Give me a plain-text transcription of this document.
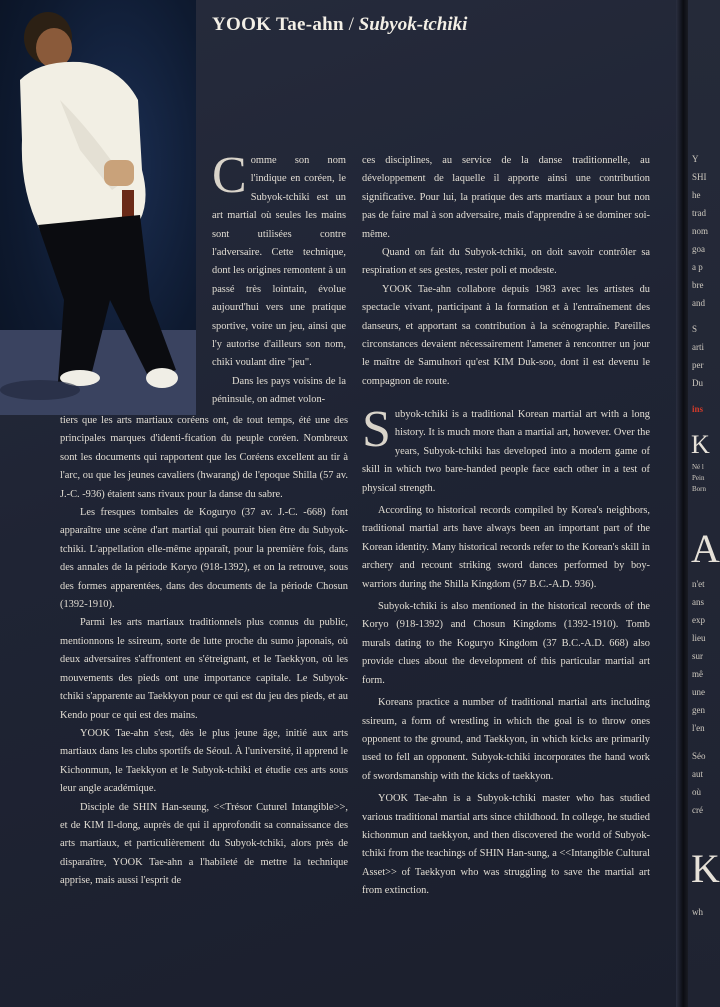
YOOK Tae-ahn / Subyok-tchiki
C omme son nom l'indique en coréen, le Subyok-tchiki est un art martial où seules les mains sont utilisées contre l'adversaire. Cette technique, dont les origines remontent à un passé très lointain, évolue aujourd'hui vers une pratique sportive, voire un jeu, ainsi que l'y autorise d'ailleurs son nom, chiki voulant dire "jeu".

Dans les pays voisins de la péninsule, on admet volon-

tiers que les arts martiaux coréens ont, de tout temps, été une des principales marques d'identi-fication du peuple coréen. Nombreux sont les documents qui rapportent que les Coréens excellent au tir à l'arc, ou que les jeunes cavaliers (hwarang) de l'epoque Shilla (57 av. J.-C. -936) étaient sans rivaux pour la danse du sabre.

Les fresques tombales de Koguryo (37 av. J.-C. -668) font apparaître une scène d'art martial qui pourrait bien être du Subyok-tchiki. L'appellation elle-même apparaît, pour la première fois, dans des annales de la période Koryo (918-1392), et on la retrouve, sous des formes apparentées, dans des documents de la période Chosun (1392-1910).

Parmi les arts martiaux traditionnels plus connus du public, mentionnons le ssireum, sorte de lutte proche du sumo japonais, où deux adversaires s'affrontent en s'étreignant, et le Taekkyon, où les mouvements des pieds ont une importance capitale. Le Subyok-tchiki s'apparente au Taekkyon pour ce qui est du jeu des pieds, et au Kendo pour ce qui est des mains.

YOOK Tae-ahn s'est, dès le plus jeune âge, initié aux arts martiaux dans les clubs sportifs de Séoul. À l'université, il apprend le Kichonmun, le Taekkyon et le Subyok-tchiki et étudie ces arts sous leur angle académique.

Disciple de SHIN Han-seung, <<Trésor Cuturel Intangible>>, et de KIM Il-dong, auprès de qui il approfondit sa connaissance des arts martiaux, et particulièrement du Subyok-tchiki, alors près de disparaître, YOOK Tae-ahn a l'habileté de mettre la technique apprise, mais aussi l'esprit de

ces disciplines, au service de la danse traditionnelle, au développement de laquelle il apporte ainsi une contribution significative. Pour lui, la pratique des arts martiaux a pour but non pas de faire mal à son adversaire, mais d'apprendre à se dominer soi-même.

Quand on fait du Subyok-tchiki, on doit savoir contrôler sa respiration et ses gestes, rester poli et modeste.

YOOK Tae-ahn collabore depuis 1983 avec les artistes du spectacle vivant, participant à la formation et à l'entraînement des danseurs, et apportant sa contribution à la scénographie. Pareilles circonstances devaient nécessairement l'amener à rencontrer un jour le maître de Samulnori qu'est KIM Duk-soo, dont il est devenu le compagnon de route.

S ubyok-tchiki is a traditional Korean martial art with a long history. It is much more than a martial art, however. Over the years, Subyok-tchiki has developed into a modern game of skill in which two bare-handed people face each other in a test of physical strength.

According to historical records compiled by Korea's neighbors, traditional martial arts have always been an important part of the Korean identity. Many historical records refer to the Korean's skill in archery and recount striking sword dances performed by boy-warriors during the Shilla Kingdom (57 B.C.-A.D. 936).

Subyok-tchiki is also mentioned in the historical records of the Koryo (918-1392) and Chosun Kingdoms (1392-1910). Tomb murals dating to the Koguryo Kingdom (37 B.C.-A.D. 668) also provide clues about the development of this particular martial art form.

Koreans practice a number of traditional martial arts including ssireum, a form of wrestling in which the goal is to throw ones opponent to the ground, and Taekkyon, in which kicks are primarily used to fell an opponent. Subyok-tchiki incorporates the hand work of swordsmanship with the kicks of taekkyon.

YOOK Tae-ahn is a Subyok-tchiki master who has studied various traditional martial arts since childhood. In college, he studied kichonmun and taekkyon, and then discovered the world of Subyok-tchiki from the teachings of SHIN Han-sung, a <<Intangible Cultural Asset>> of Taekkyon who was struggling to save the martial art from extinction.

Y
SHI
he
trad
nom
goa
a p
bre
and
S
arti
per
Du
ins
K
Né l
Pein
Born
A
n'et
ans
exp
lieu
sur
mê
une
gen
l'en
Séo
aut
où
cré
K
wh
